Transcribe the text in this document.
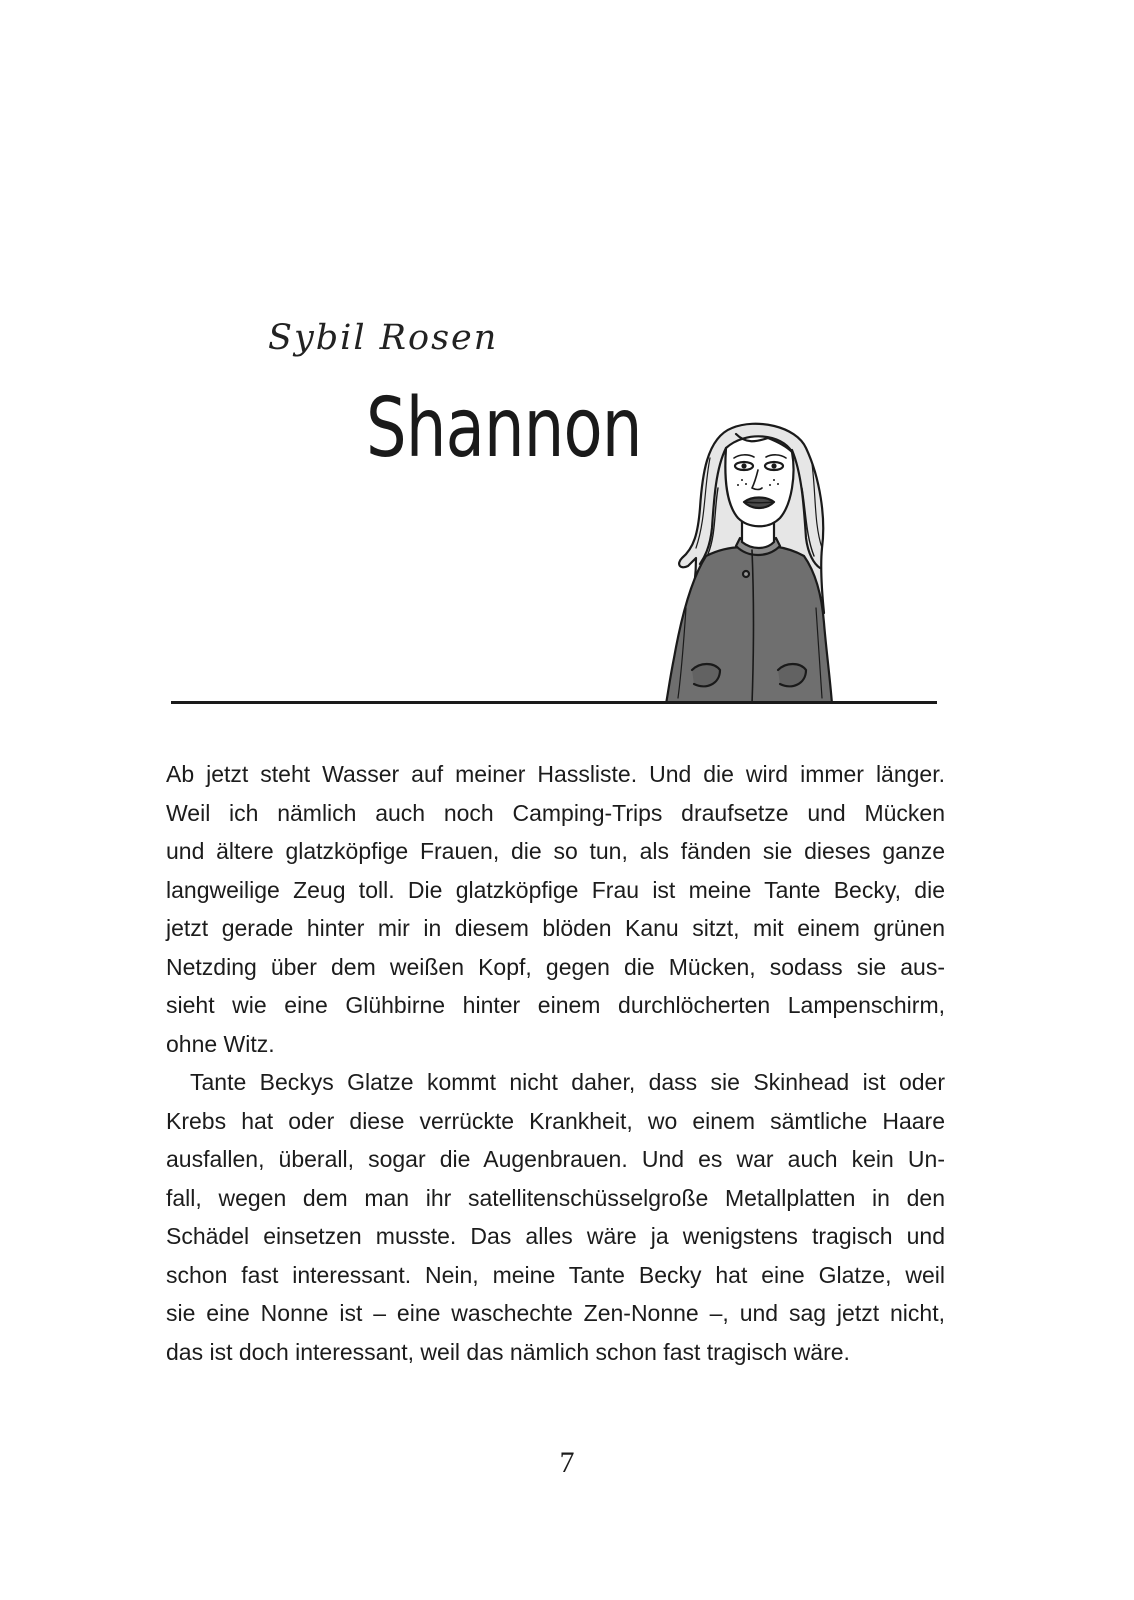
Sybil Rosen
Shannon
Ab jetzt steht Wasser auf meiner Hassliste. Und die wird immer länger.
Weil ich nämlich auch noch Camping-Trips draufsetze und Mücken
und ältere glatzköpfige Frauen, die so tun, als fänden sie dieses ganze
langweilige Zeug toll. Die glatzköpfige Frau ist meine Tante Becky, die
jetzt gerade hinter mir in diesem blöden Kanu sitzt, mit einem grünen
Netzding über dem weißen Kopf, gegen die Mücken, sodass sie aus-
sieht wie eine Glühbirne hinter einem durchlöcherten Lampenschirm,
ohne Witz.
Tante Beckys Glatze kommt nicht daher, dass sie Skinhead ist oder
Krebs hat oder diese verrückte Krankheit, wo einem sämtliche Haare
ausfallen, überall, sogar die Augenbrauen. Und es war auch kein Un-
fall, wegen dem man ihr satellitenschüsselgroße Metallplatten in den
Schädel einsetzen musste. Das alles wäre ja wenigstens tragisch und
schon fast interessant. Nein, meine Tante Becky hat eine Glatze, weil
sie eine Nonne ist – eine waschechte Zen-Nonne –, und sag jetzt nicht,
das ist doch interessant, weil das nämlich schon fast tragisch wäre.
7
